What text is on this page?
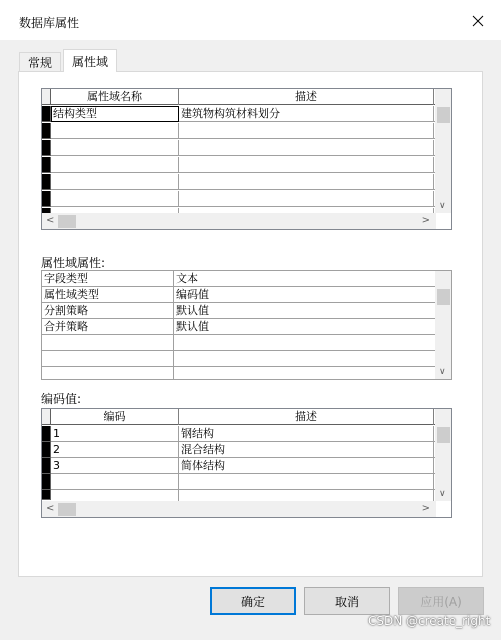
数据库属性
常规	属性域
属性域名称	描述
结构类型	建筑物构筑材料划分
∨
<	>
属性域属性:
字段类型	文本
属性域类型	编码值
分割策略	默认值
合并策略	默认值
∨
编码值:
编码	描述
1	钢结构
2	混合结构
3	简体结构
∨
<	>
确定	取消	应用(A)
CSDN @create_right
